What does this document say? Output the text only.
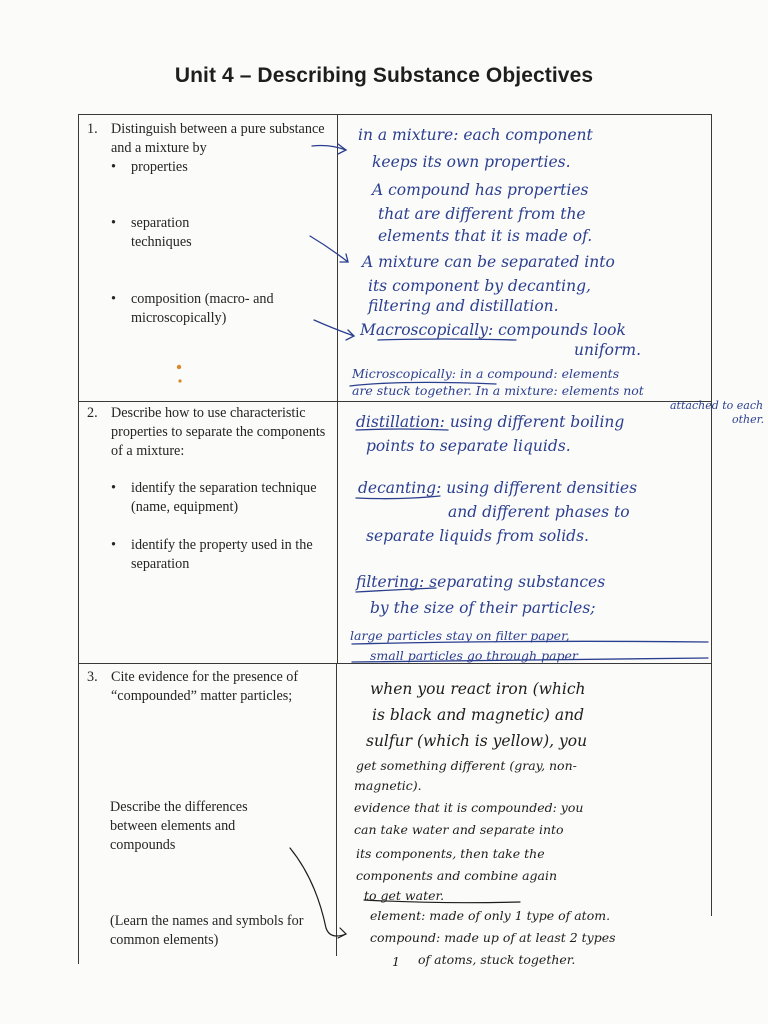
Unit 4 – Describing Substance Objectives
1. Distinguish between a pure substance and a mixture by
• properties
• separation techniques
• composition (macro- and microscopically)
2. Describe how to use characteristic properties to separate the components of a mixture:
• identify the separation technique (name, equipment)
• identify the property used in the separation
3. Cite evidence for the presence of “compounded” matter particles;
Describe the differences between elements and compounds
(Learn the names and symbols for common elements)
in a mixture: each component
keeps its own properties.
A compound has properties
that are different from the
elements that it is made of.
A mixture can be separated into
its component by decanting,
filtering and distillation.
Macroscopically: compounds look
uniform.
Microscopically: in a compound: elements
are stuck together. In a mixture: elements not
attached to each
other.
distillation: using different boiling
points to separate liquids.
decanting: using different densities
and different phases to
separate liquids from solids.
filtering: separating substances
by the size of their particles;
large particles stay on filter paper,
small particles go through paper
when you react iron (which
is black and magnetic) and
sulfur (which is yellow), you
get something different (gray, non-
magnetic).
evidence that it is compounded: you
can take water and separate into
its components, then take the
components and combine again
to get water.
element: made of only 1 type of atom.
compound: made up of at least 2 types
of atoms, stuck together.
1
